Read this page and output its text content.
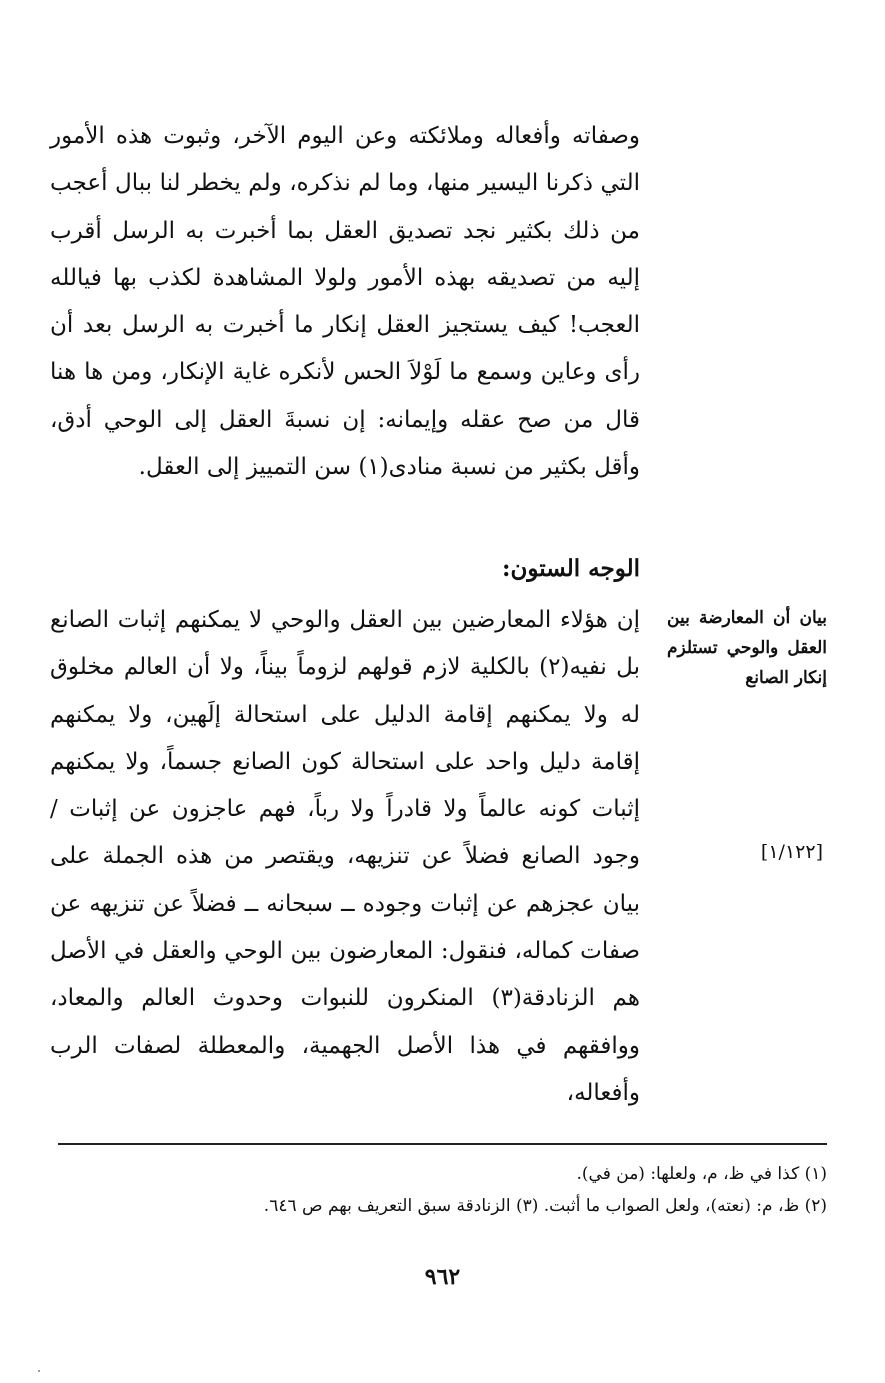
وصفاته وأفعاله وملائكته وعن اليوم الآخر، وثبوت هذه الأمور التي ذكرنا اليسير منها، وما لم نذكره، ولم يخطر لنا ببال أعجب من ذلك بكثير نجد تصديق العقل بما أخبرت به الرسل أقرب إليه من تصديقه بهذه الأمور ولولا المشاهدة لكذب بها فيالله العجب! كيف يستجيز العقل إنكار ما أخبرت به الرسل بعد أن رأى وعاين وسمع ما لَوْلاَ الحس لأنكره غاية الإنكار، ومن ها هنا قال من صح عقله وإيمانه: إن نسبةَ العقل إلى الوحي أدق، وأقل بكثير من نسبة منادى(١) سن التمييز إلى العقل.

الوجه الستون:

إن هؤلاء المعارضين بين العقل والوحي لا يمكنهم إثبات الصانع بل نفيه(٢) بالكلية لازم قولهم لزوماً بيناً، ولا أن العالم مخلوق له ولا يمكنهم إقامة الدليل على استحالة إلَهين، ولا يمكنهم إقامة دليل واحد على استحالة كون الصانع جسماً، ولا يمكنهم إثبات كونه عالماً ولا قادراً ولا رباً، فهم عاجزون عن إثبات / وجود الصانع فضلاً عن تنزيهه، ويقتصر من هذه الجملة على بيان عجزهم عن إثبات وجوده ــ سبحانه ــ فضلاً عن تنزيهه عن صفات كماله، فنقول: المعارضون بين الوحي والعقل في الأصل هم الزنادقة(٣) المنكرون للنبوات وحدوث العالم والمعاد، ووافقهم في هذا الأصل الجهمية، والمعطلة لصفات الرب وأفعاله،

بيان أن المعارضة بين العقل والوحي تستلزم إنكار الصانع

[١/١٢٢]

(١) كذا في ظ، م، ولعلها: (من في).

(٢) ظ، م: (نعته)، ولعل الصواب ما أثبت. (٣) الزنادقة سبق التعريف بهم ص ٦٤٦.

٩٦٢
